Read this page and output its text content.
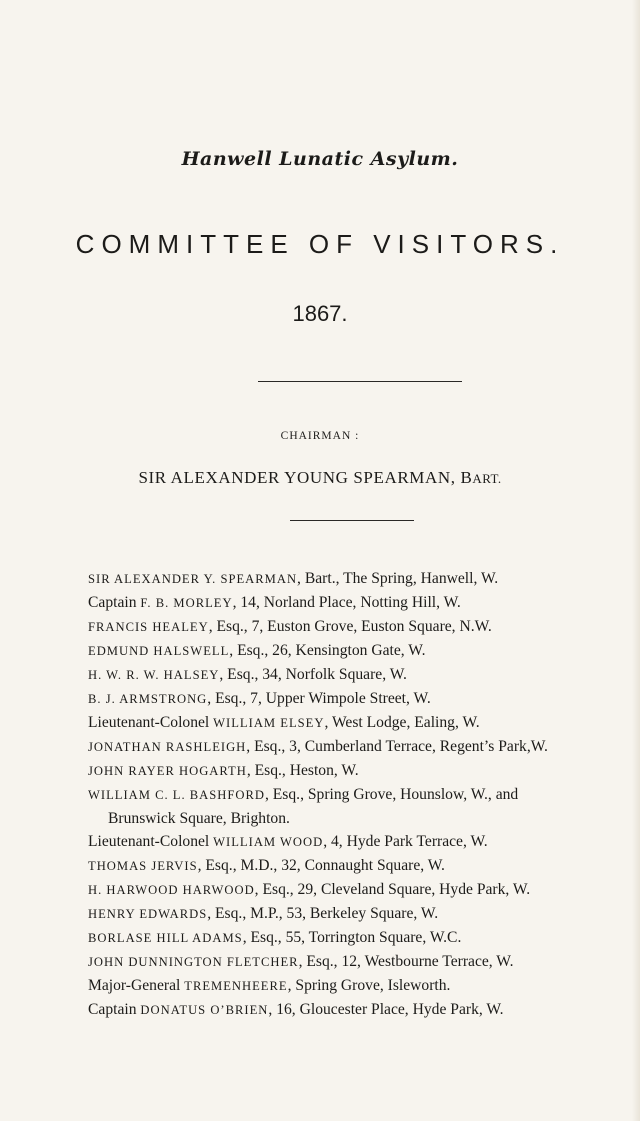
Hanwell Lunatic Asylum.
COMMITTEE OF VISITORS.
1867.
CHAIRMAN :
SIR ALEXANDER YOUNG SPEARMAN, BART.
SIR ALEXANDER Y. SPEARMAN, Bart., The Spring, Hanwell, W.
Captain F. B. MORLEY, 14, Norland Place, Notting Hill, W.
FRANCIS HEALEY, Esq., 7, Euston Grove, Euston Square, N.W.
EDMUND HALSWELL, Esq., 26, Kensington Gate, W.
H. W. R. W. HALSEY, Esq., 34, Norfolk Square, W.
B. J. ARMSTRONG, Esq., 7, Upper Wimpole Street, W.
Lieutenant-Colonel WILLIAM ELSEY, West Lodge, Ealing, W.
JONATHAN RASHLEIGH, Esq., 3, Cumberland Terrace, Regent’s Park,W.
JOHN RAYER HOGARTH, Esq., Heston, W.
WILLIAM C. L. BASHFORD, Esq., Spring Grove, Hounslow, W., and
Brunswick Square, Brighton.
Lieutenant-Colonel WILLIAM WOOD, 4, Hyde Park Terrace, W.
THOMAS JERVIS, Esq., M.D., 32, Connaught Square, W.
H. HARWOOD HARWOOD, Esq., 29, Cleveland Square, Hyde Park, W.
HENRY EDWARDS, Esq., M.P., 53, Berkeley Square, W.
BORLASE HILL ADAMS, Esq., 55, Torrington Square, W.C.
JOHN DUNNINGTON FLETCHER, Esq., 12, Westbourne Terrace, W.
Major-General TREMENHEERE, Spring Grove, Isleworth.
Captain DONATUS O’BRIEN, 16, Gloucester Place, Hyde Park, W.
